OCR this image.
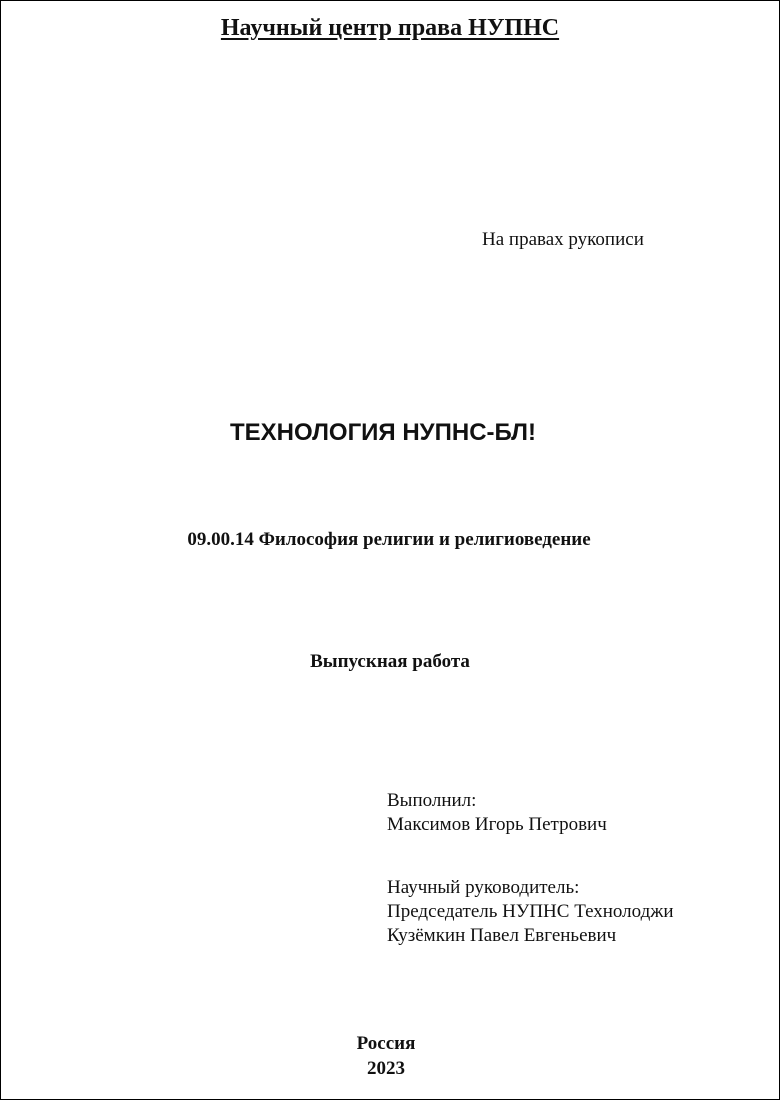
Научный центр права НУПНС
На правах рукописи
ТЕХНОЛОГИЯ НУПНС-БЛ!
09.00.14 Философия религии и религиоведение
Выпускная работа
Выполнил:
Максимов Игорь Петрович
Научный руководитель:
Председатель НУПНС Технолоджи
Кузёмкин Павел Евгеньевич
Россия
2023
